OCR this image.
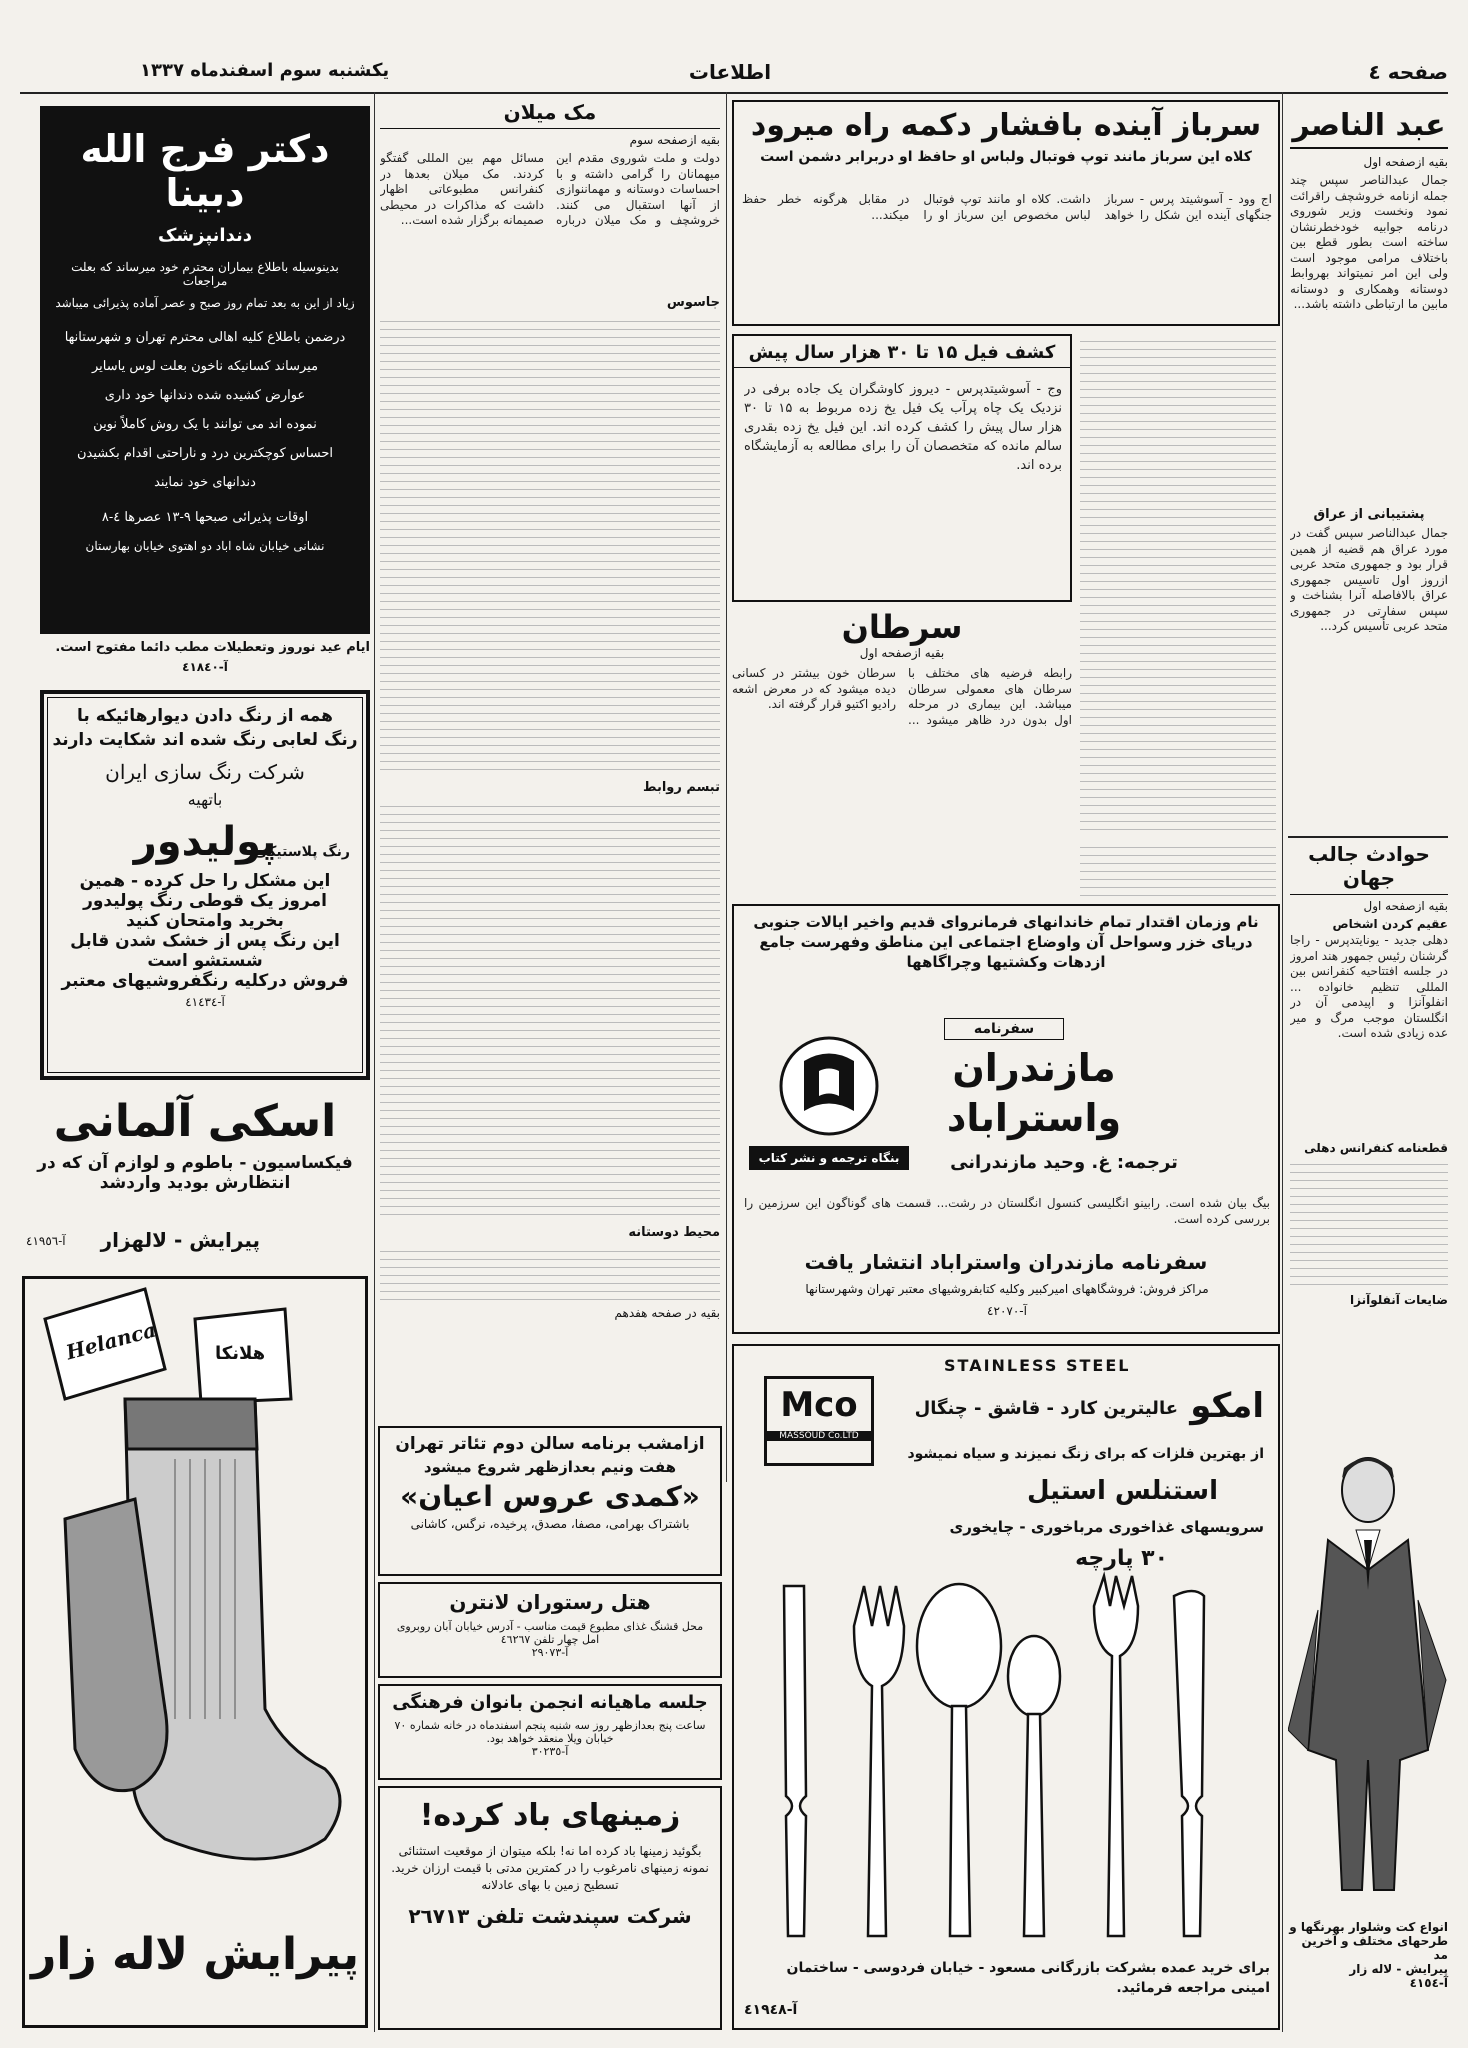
صفحه ٤
اطلاعات
یکشنبه سوم اسفندماه ۱۳۳۷
عبد الناصر
بقیه ازصفحه اول
جمال عبدالناصر سپس چند جمله ازنامه خروشچف راقرائت نمود ونخست وزیر شوروی درنامه جوابیه خودخطرنشان ساخته است بطور قطع بین باختلاف مرامی موجود است ولی این امر نمیتواند بهروابط دوستانه وهمکاری و دوستانه مابین ما ارتباطی داشته باشد...
پشتیبانی از عراق
جمال عبدالناصر سپس گفت در مورد عراق هم قضیه از همین قرار بود و جمهوری متحد عربی ازروز اول تاسیس جمهوری عراق بالافاصله آنرا بشناخت و سپس سفارتی در جمهوری متحد عربی تأسیس کرد...
حوادث جالب جهان
بقیه ازصفحه اول
عقیم کردن اشخاص
دهلی جدید - یونایتدپرس - راجا گرشنان رئیس جمهور هند امروز در جلسه افتتاحیه کنفرانس بین المللی تنظیم خانواده ... انفلوآنزا و اپیدمی آن در انگلستان موجب مرگ و میر عده زیادی شده است.
قطعنامه کنفرانس دهلی
ضایعات آنفلوآنزا
انواع کت وشلوار بهرنگها و
طرحهای مختلف و آخرین مد
پیرایش - لاله زار
آ-٤١٥٤
سرباز آینده بافشار دکمه راه میرود
کلاه این سرباز مانند توپ فوتبال ولباس او حافظ او دربرابر دشمن است
اج وود - آسوشیتد پرس - سرباز جنگهای آینده این شکل را خواهد داشت. کلاه او مانند توپ فوتبال لباس مخصوص این سرباز او را در مقابل هرگونه خطر حفظ میکند...
کشف فیل ۱۵ تا ۳۰ هزار سال پیش
وج - آسوشیتدپرس - دیروز کاوشگران یک جاده برفی در نزدیک یک چاه پرآب یک فیل یخ زده مربوط به ۱۵ تا ۳۰ هزار سال پیش را کشف کرده اند. این فیل یخ زده بقدری سالم مانده که متخصصان آن را برای مطالعه به آزمایشگاه برده اند.
سرطان
بقیه ازصفحه اول
رابطه فرضیه های مختلف با سرطان های معمولی سرطان میباشد. این بیماری در مرحله اول بدون درد ظاهر میشود ... سرطان خون بیشتر در کسانی دیده میشود که در معرض اشعه رادیو اکتیو قرار گرفته اند.
نام وزمان اقتدار تمام خاندانهای فرمانروای قدیم واخیر ایالات جنوبی دریای خزر وسواحل آن واوضاع اجتماعی این مناطق وفهرست جامع ازدهات وکشتیها وچراگاهها
سفرنامه
مازندران
واستراباد
ترجمه: غ. وحید مازندرانی
بنگاه ترجمه و نشر کتاب
بیگ بیان شده است. رابینو انگلیسی کنسول انگلستان در رشت... قسمت های گوناگون این سرزمین را بررسی کرده است.
سفرنامه مازندران واستراباد انتشار یافت
مراکز فروش: فروشگاههای امیرکبیر وکلیه کتابفروشیهای معتبر تهران وشهرستانها
آ-٤٢٠٧٠
STAINLESS STEEL
Mco
MASSOUD Co.LTD
امکو
عالیترین کارد - قاشق - چنگال
از بهترین فلزات که برای زنگ نمیزند و سیاه نمیشود
استنلس استیل
سرویسهای غذاخوری مرباخوری - چایخوری
٣٠ پارچه
برای خرید عمده بشرکت بازرگانی مسعود - خیابان فردوسی - ساختمان امینی مراجعه فرمائید.
آ-٤١٩٤٨
مک میلان
بقیه ازصفحه سوم
دولت و ملت شوروی مقدم این میهمانان را گرامی داشته و با احساسات دوستانه و مهماننوازی از آنها استقبال می کنند. خروشچف و مک میلان درباره مسائل مهم بین المللی گفتگو کردند. مک میلان بعدها در کنفرانس مطبوعاتی اظهار داشت که مذاکرات در محیطی صمیمانه برگزار شده است...
جاسوس
تبسم روابط
محیط دوستانه
بقیه در صفحه هفدهم
ازامشب برنامه سالن دوم تئاتر تهران
هفت ونیم بعدازظهر شروع میشود
«کمدی عروس اعیان»
باشتراک بهرامی، مصفا، مصدق، پرخیده، نرگس، کاشانی
هتل رستوران لانترن
محل قشنگ غذای مطبوع قیمت مناسب - آدرس خیابان آبان روبروی امل چهار تلفن ٤٦٢٦٧
آ-٢٩٠٧٣
جلسه ماهیانه انجمن بانوان فرهنگی
ساعت پنج بعدازظهر روز سه شنبه پنجم اسفندماه در خانه شماره ٧٠ خیابان ویلا منعقد خواهد بود.
آ-٣٠٢٣٥
زمینهای باد کرده!
بگوئید زمینها باد کرده اما نه! بلکه میتوان از موقعیت استثنائی نمونه زمینهای نامرغوب را در کمترین مدتی با قیمت ارزان خرید. تسطیح زمین با بهای عادلانه
شرکت سپندشت تلفن ٢٦٧١٣
دکتر فرج الله دبینا
دندانپزشک
بدینوسیله باطلاع بیماران محترم خود میرساند که بعلت مراجعات
زیاد از این به بعد تمام روز صبح و عصر آماده پذیرائی میباشد
درضمن باطلاع کلیه اهالی محترم تهران و شهرستانها
میرساند کسانیکه ناخون بعلت لوس یاسایر
عوارض کشیده شده دندانها خود داری
نموده اند می توانند با یک روش کاملاً نوین
احساس کوچکترین درد و ناراحتی اقدام بکشیدن
دندانهای خود نمایند
اوقات پذیرائی صبحها ٩-١٣ عصرها ٤-٨
نشانی خیابان شاه اباد دو اهتوی خیابان بهارستان
ایام عید نوروز وتعطیلات مطب دائما مفتوح است.
آ-٤١٨٤٠
همه از رنگ دادن دیوارهائیکه با
رنگ لعابی رنگ شده اند شکایت دارند
شرکت رنگ سازی ایران
باتهیه
رنگ پلاستیکی
پولیدور
این مشکل را حل کرده - همین
امروز یک قوطی رنگ پولیدور
بخرید وامتحان کنید
این رنگ پس از خشک شدن قابل
شستشو است
فروش درکلیه رنگفروشیهای معتبر
آ-٤١٤٣٤
اسکی آلمانی
فیکساسیون - باطوم و لوازم آن که در
انتظارش بودید واردشد
پیرایش - لالهزار
آ-٤١٩٥٦
Helanca	هلانکا
پیرایش لاله زار
